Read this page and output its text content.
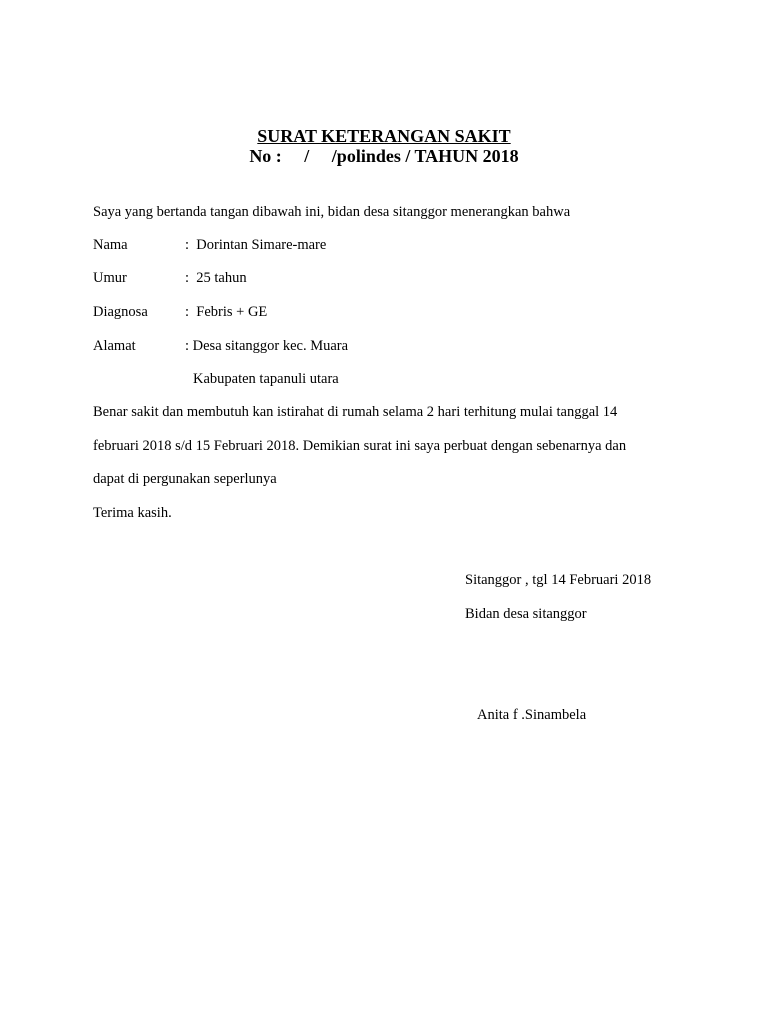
SURAT KETERANGAN SAKIT
No :     /     /polindes / TAHUN 2018
Saya yang bertanda tangan dibawah ini, bidan desa sitanggor menerangkan bahwa
Nama	:  Dorintan Simare-mare
Umur	:  25 tahun
Diagnosa	:  Febris + GE
Alamat	: Desa sitanggor kec. Muara
Kabupaten tapanuli utara
Benar sakit dan membutuh kan istirahat di rumah selama 2 hari terhitung mulai tanggal 14
februari 2018 s/d 15 Februari 2018. Demikian surat ini saya perbuat dengan sebenarnya dan
dapat di pergunakan seperlunya
Terima kasih.
Sitanggor , tgl 14 Februari 2018
Bidan desa sitanggor
Anita f .Sinambela
